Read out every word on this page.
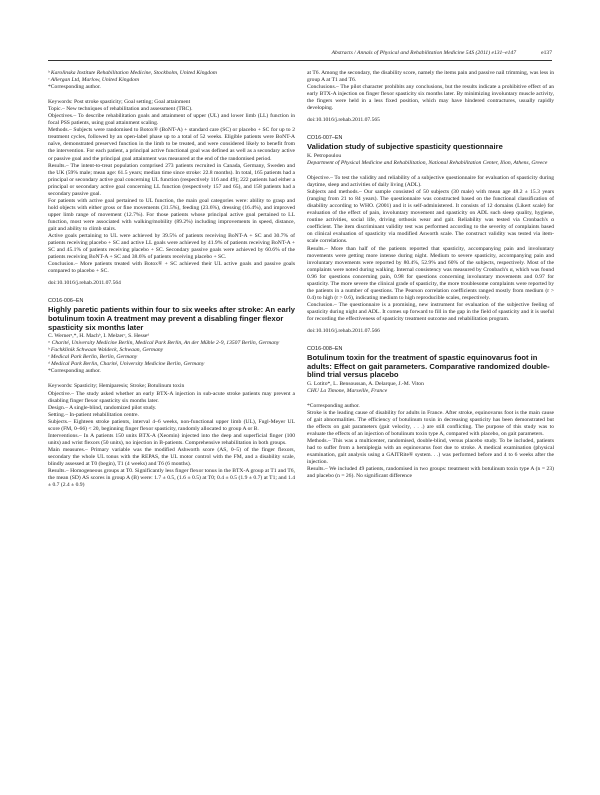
Abstracts / Annals of Physical and Rehabilitation Medicine 54S (2011) e131–e147	e137

ᵇ Karolinska Institute Rehabilitation Medicine, Stockholm, United Kingdom

ᶜ Allergan Ltd, Marlow, United Kingdom

*Corresponding author.

Keywords: Post stroke spasticity; Goal setting; Goal attainment

Topic.– New techniques of rehabilitation and assessment (TRC).

Objectives.– To describe rehabilitation goals and attainment of upper (UL) and lower limb (LL) function in focal PSS patients, using goal attainment scaling.

Methods.– Subjects were randomised to Botox® (BoNT-A) + standard care (SC) or placebo + SC for up to 2 treatment cycles, followed by an open-label phase up to a total of 52 weeks. Eligible patients were BoNT-A naïve, demonstrated preserved function in the limb to be treated, and were considered likely to benefit from the intervention. For each patient, a principal active functional goal was defined as well as a secondary active or passive goal and the principal goal attainment was measured at the end of the randomised period.

Results.– The intent-to-treat population comprised 273 patients recruited in Canada, Germany, Sweden and the UK (59% male; mean age: 61.5 years; median time since stroke: 22.8 months). In total, 165 patients had a principal or secondary active goal concerning UL function (respectively 116 and 49); 222 patients had either a principal or secondary active goal concerning LL function (respectively 157 and 65), and 158 patients had a secondary passive goal.

For patients with active goal pertained to UL function, the main goal categories were: ability to grasp and hold objects with either gross or fine movements (31.5%), feeding (23.6%), dressing (16.4%), and improved upper limb range of movement (12.7%). For those patients whose principal active goal pertained to LL function, most were associated with walking/mobility (89.2%) including improvements in speed, distance, gait and ability to climb stairs.

Active goals pertaining to UL were achieved by 39.5% of patients receiving BoNT-A + SC and 30.7% of patients receiving placebo + SC and active LL goals were achieved by 41.9% of patients receiving BoNT-A + SC and 45.1% of patients receiving placebo + SC. Secondary passive goals were achieved by 60.6% of the patients receiving BoNT-A + SC and 38.6% of patients receiving placebo + SC.

Conclusion.– More patients treated with Botox® + SC achieved their UL active goals and passive goals compared to placebo + SC.

doi:10.1016/j.rehab.2011.07.564

CO16-006–EN

Highly paretic patients within four to six weeks after stroke: An early botulinum toxin A treatment may prevent a disabling finger flexor spasticity six months later

C. Wernerᵃ,*, H. Machᵇ, I. Melzerᶜ, S. Hesseᵈ

ᵃ Charité, University Medicine Berlin, Medical Park Berlin, An der Mühle 2-9, 13507 Berlin, Germany

ᵇ Fachklinik Schwaan Waldeck, Schwaan, Germany

ᶜ Medical Park Berlin, Berlin, Germany

ᵈ Medical Park Berlin, Charité, University Medicine Berlin, Germany

*Corresponding author.

Keywords: Spasticity; Hemiparesis; Stroke; Botulinum toxin

Objective.– The study asked whether an early BTX-A injection in sub-acute stroke patients may prevent a disabling finger flexor spasticity six months later.

Design.– A single-blind, randomized pilot study.

Setting.– In-patient rehabilitation centre.

Subjects.– Eighteen stroke patients, interval 4–6 weeks, non-functional upper limb (UL), Fugl-Meyer UL score (FM, 0–66) < 20, beginning finger flexor spasticity, randomly allocated to group A or B.

Interventions.– In A patients 150 units BTX-A (Xeomin) injected into the deep and superficial finger (100 units) and wrist flexors (50 units), no injection in B-patients. Comprehensive rehabilitation in both groups.

Main measures.– Primary variable was the modified Ashworth score (AS, 0–5) of the finger flexors, secondary the whole UL tonus with the REPAS, the UL motor control with the FM, and a disability scale, blindly assessed at T0 (begin), T1 (4 weeks) and T6 (6 months).

Results.– Homogeneous groups at T0. Significantly less finger flexor tonus in the BTX-A group at T1 and T6, the mean (SD) AS scores in group A (B) were: 1.7 ± 0.5, (1.6 ± 0.5) at T0; 0.4 ± 0.5 (1.9 ± 0.7) at T1; and 1.4 ± 0.7 (2.4 ± 0.9)

at T6. Among the secondary, the disability score, namely the items pain and passive nail trimming, was less in group A at T1 and T6.

Conclusions.– The pilot character prohibits any conclusions, but the results indicate a prohibitive effect of an early BTX-A injection on finger flexor spasticity six months later. By minimizing involuntary muscle activity, the fingers were held in a less fixed position, which may have hindered contractures, usually rapidly developing.

doi:10.1016/j.rehab.2011.07.565

CO16-007–EN

Validation study of subjective spasticity questionnaire

K. Petropoulou

Department of Physical Medicine and Rehabilitation, National Rehabilitation Center, Ilion, Athens, Greece

Objective.– To test the validity and reliability of a subjective questionnaire for evaluation of spasticity during daytime, sleep and activities of daily living (ADL).

Subjects and methods.– Our sample consisted of 50 subjects (30 male) with mean age 48.2 ± 15.3 years (ranging from 21 to 84 years). The questionnaire was constructed based on the functional classification of disability according to WHO. (2001) and it is self-administered. It consists of 12 domains (Likert scale) for evaluation of the effect of pain, involuntary movement and spasticity on ADL such sleep quality, hygiene, routine activities, social life, driving orthosis wear and gait. Reliability was tested via Cronbach's α coefficient. The item discriminant validity test was performed according to the severity of complaints based on clinical evaluation of spasticity via modified Asworth scale. The construct validity was tested via item-scale correlations.

Results.– More than half of the patients reported that spasticity, accompanying pain and involuntary movements were getting more intense during night. Medium to severe spasticity, accompanying pain and involuntary movements were reported by 80.4%, 52.9% and 60% of the subjects, respectively. Most of the complaints were noted during walking. Internal consistency was measured by Cronbach's α, which was found 0.96 for questions concerning pain, 0.98 for questions concerning involuntary movements and 0.97 for spasticity. The more severe the clinical grade of spasticity, the more troublesome complaints were reported by the patients in a number of questions. The Pearson correlation coefficients ranged mostly from medium (r > 0.4) to high (r > 0.6), indicating medium to high reproducible scales, respectively.

Conclusion.– The questionnaire is a promising, new instrument for evaluation of the subjective feeling of spasticity during night and ADL. It comes up forward to fill in the gap in the field of spasticity and it is useful for recording the effectiveness of spasticity treatment outcome and rehabilitation program.

doi:10.1016/j.rehab.2011.07.566

CO16-008–EN

Botulinum toxin for the treatment of spastic equinovarus foot in adults: Effect on gait parameters. Comparative randomized double-blind trial versus placebo

G. Lotito*, L. Bensoussan, A. Delarque, J.-M. Viton

CHU La Timone, Marseille, France

*Corresponding author.

Stroke is the leading cause of disability for adults in France. After stroke, equinovarus foot is the main cause of gait abnormalities. The efficiency of botulinum toxin in decreasing spasticity has been demonstrated but the effects on gait parameters (gait velocity, . . .) are still conflicting. The purpose of this study was to evaluate the effects of an injection of botulinum toxin type A, compared with placebo, on gait parameters.

Methods.– This was a multicenter, randomised, double-blind, versus placebo study. To be included, patients had to suffer from a hemiplegia with an equinovarus foot due to stroke. A medical examination (physical examination, gait analysis using a GAITRite® system. . .) was performed before and 4 to 6 weeks after the injection.

Results.– We included 49 patients, randomised in two groups: treatment with botulinum toxin type A (n = 23) and placebo (n = 26). No significant difference
